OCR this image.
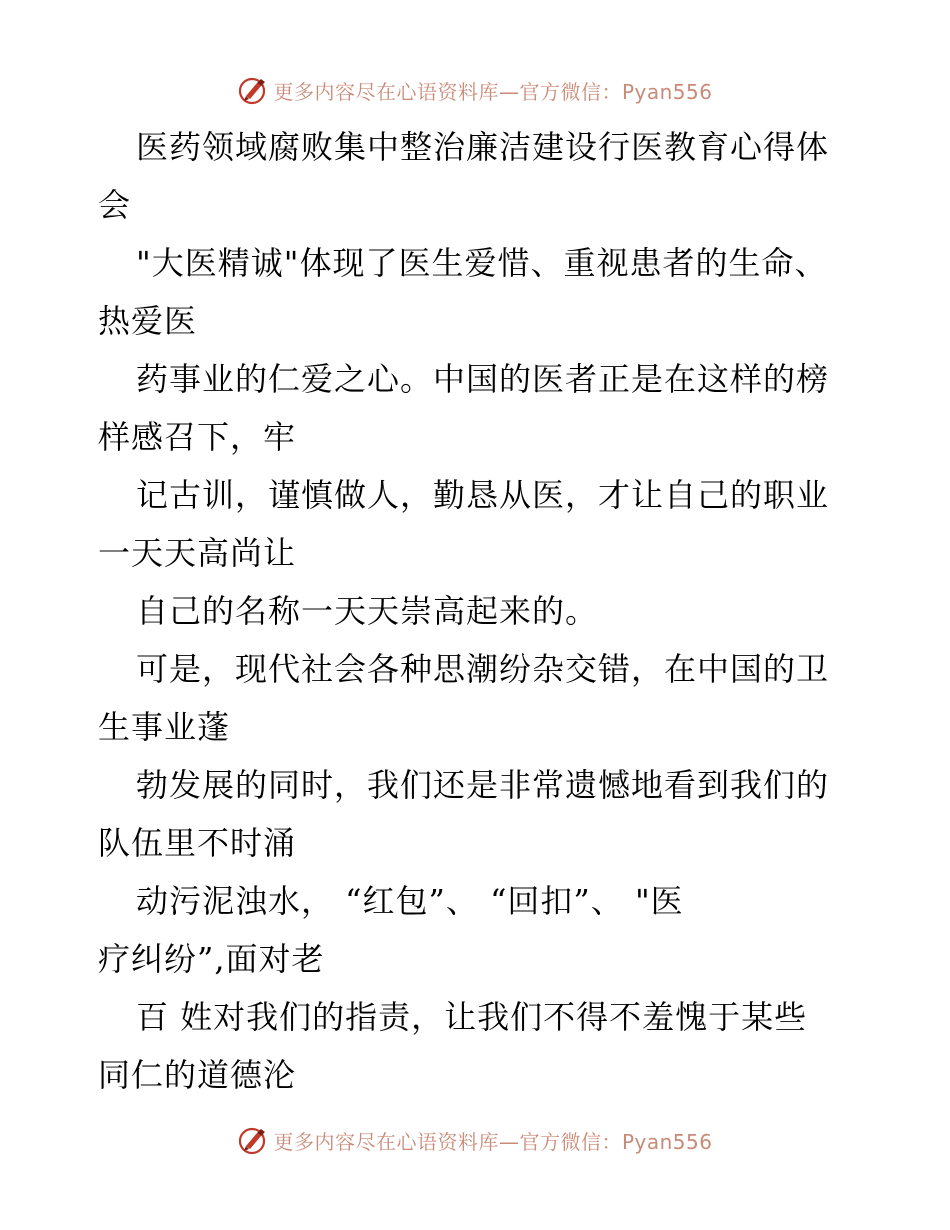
更多内容尽在心语资料库—官方微信：Pyan556
医药领域腐败集中整治廉洁建设行医教育心得体
会
"大医精诚"体现了医生爱惜、重视患者的生命、
热爱医
药事业的仁爱之心。中国的医者正是在这样的榜
样感召下，牢
记古训，谨慎做人，勤恳从医，才让自己的职业
一天天高尚让
自己的名称一天天崇高起来的。
可是，现代社会各种思潮纷杂交错，在中国的卫
生事业蓬
勃发展的同时，我们还是非常遗憾地看到我们的
队伍里不时涌
动污泥浊水， “红包”、 “回扣”、 "医
疗纠纷”,面对老
百 姓对我们的指责，让我们不得不羞愧于某些
同仁的道德沦
更多内容尽在心语资料库—官方微信：Pyan556
